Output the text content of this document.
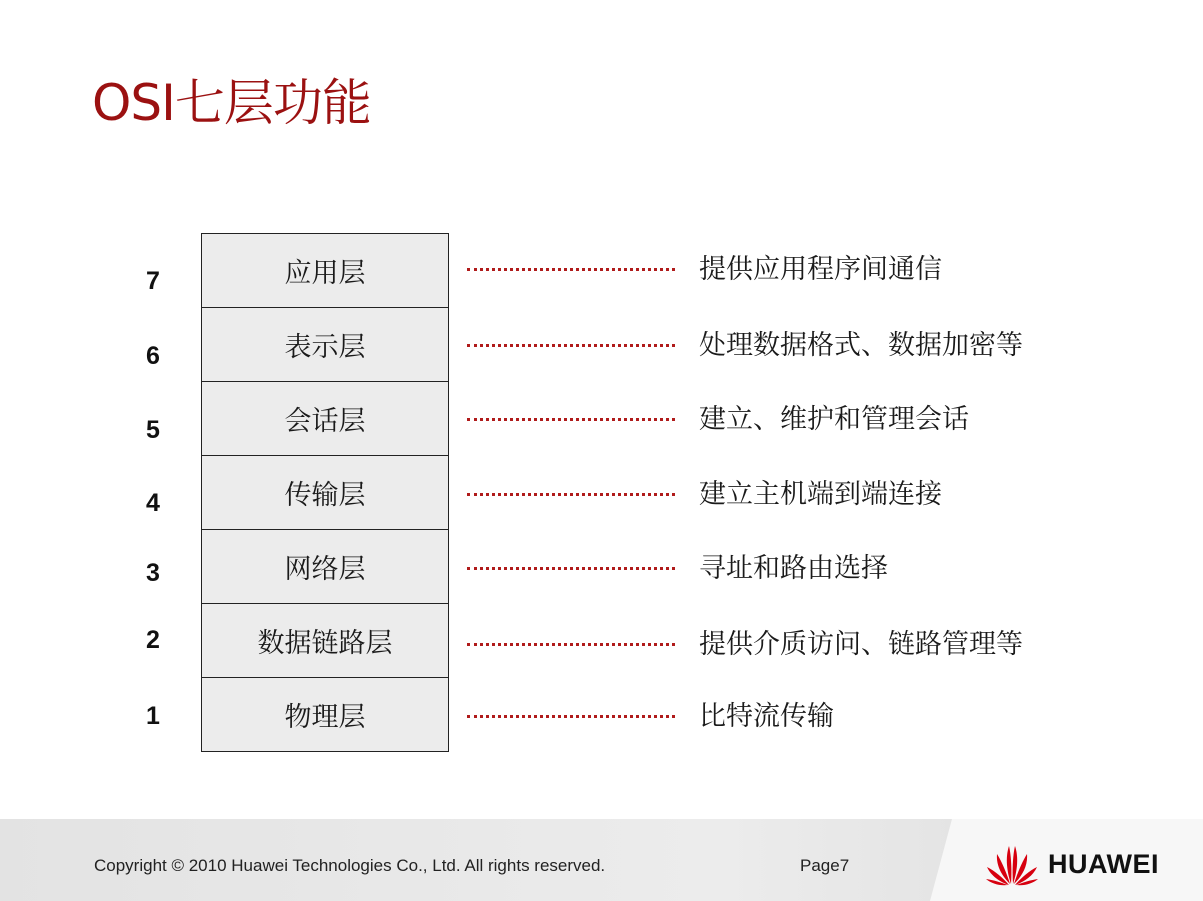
OSI七层功能
7
6
5
4
3
2
1
应用层
表示层
会话层
传输层
网络层
数据链路层
物理层
提供应用程序间通信
处理数据格式、数据加密等
建立、维护和管理会话
建立主机端到端连接
寻址和路由选择
提供介质访问、链路管理等
比特流传输
Copyright © 2010 Huawei Technologies Co., Ltd. All rights reserved.	Page7	HUAWEI
